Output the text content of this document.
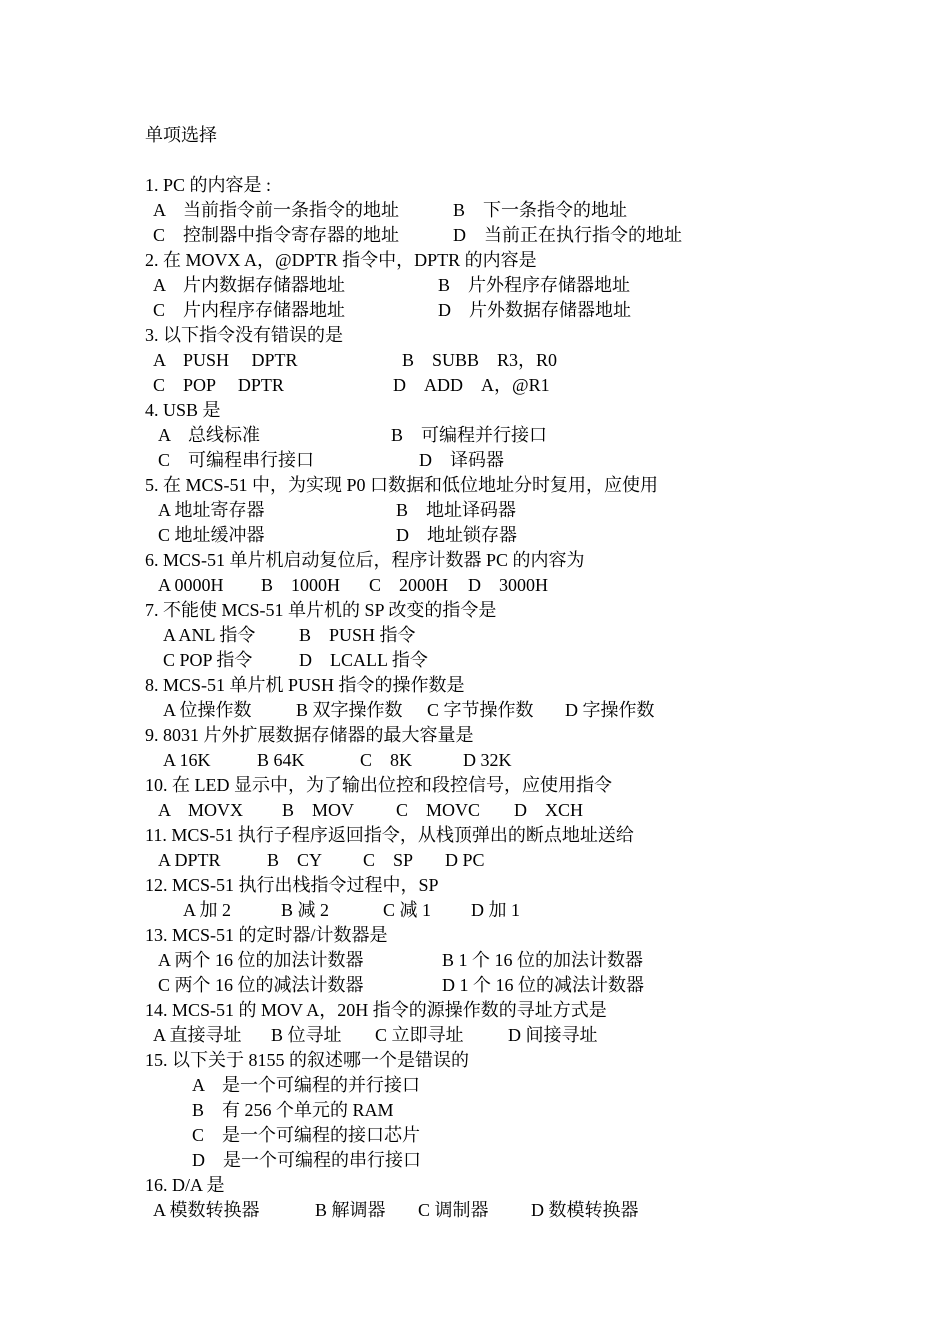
单项选择
1. PC 的内容是 :
A　当前指令前一条指令的地址	B　下一条指令的地址
C　控制器中指令寄存器的地址	D　当前正在执行指令的地址
2. 在 MOVX A，@DPTR 指令中，DPTR 的内容是
A　片内数据存储器地址	B　片外程序存储器地址
C　片内程序存储器地址	D　片外数据存储器地址
3. 以下指令没有错误的是
A　PUSH　 DPTR	B　SUBB　R3，R0
C　POP　 DPTR	D　ADD　A，@R1
4. USB 是
A　总线标准	B　可编程并行接口
C　可编程串行接口	D　译码器
5. 在 MCS-51 中，为实现 P0 口数据和低位地址分时复用，应使用
A 地址寄存器	B　地址译码器
C 地址缓冲器	D　地址锁存器
6. MCS-51 单片机启动复位后，程序计数器 PC 的内容为
A 0000H B　1000H C　2000H D　3000H
7. 不能使 MCS-51 单片机的 SP 改变的指令是
A ANL 指令 B　PUSH 指令
C POP 指令	D　LCALL 指令
8. MCS-51 单片机 PUSH 指令的操作数是
A 位操作数 B 双字操作数 C 字节操作数 D 字操作数
9. 8031 片外扩展数据存储器的最大容量是
A 16K	B 64K	C　8K	D 32K
10. 在 LED 显示中，为了输出位控和段控信号，应使用指令
A　MOVX B　MOV C　MOVC D　XCH
11. MCS-51 执行子程序返回指令，从栈顶弹出的断点地址送给
A DPTR	B　CY C　SP D PC
12. MCS-51 执行出栈指令过程中，SP
A 加 2	B 减 2	C 减 1 D 加 1
13. MCS-51 的定时器/计数器是
A 两个 16 位的加法计数器	B 1 个 16 位的加法计数器
C 两个 16 位的减法计数器	D 1 个 16 位的减法计数器
14. MCS-51 的 MOV A，20H 指令的源操作数的寻址方式是
A 直接寻址 B 位寻址 C 立即寻址 D 间接寻址
15. 以下关于 8155 的叙述哪一个是错误的
A　是一个可编程的并行接口
B　有 256 个单元的 RAM
C　是一个可编程的接口芯片
D　是一个可编程的串行接口
16. D/A 是
A 模数转换器	B 解调器 C 调制器 D 数模转换器
